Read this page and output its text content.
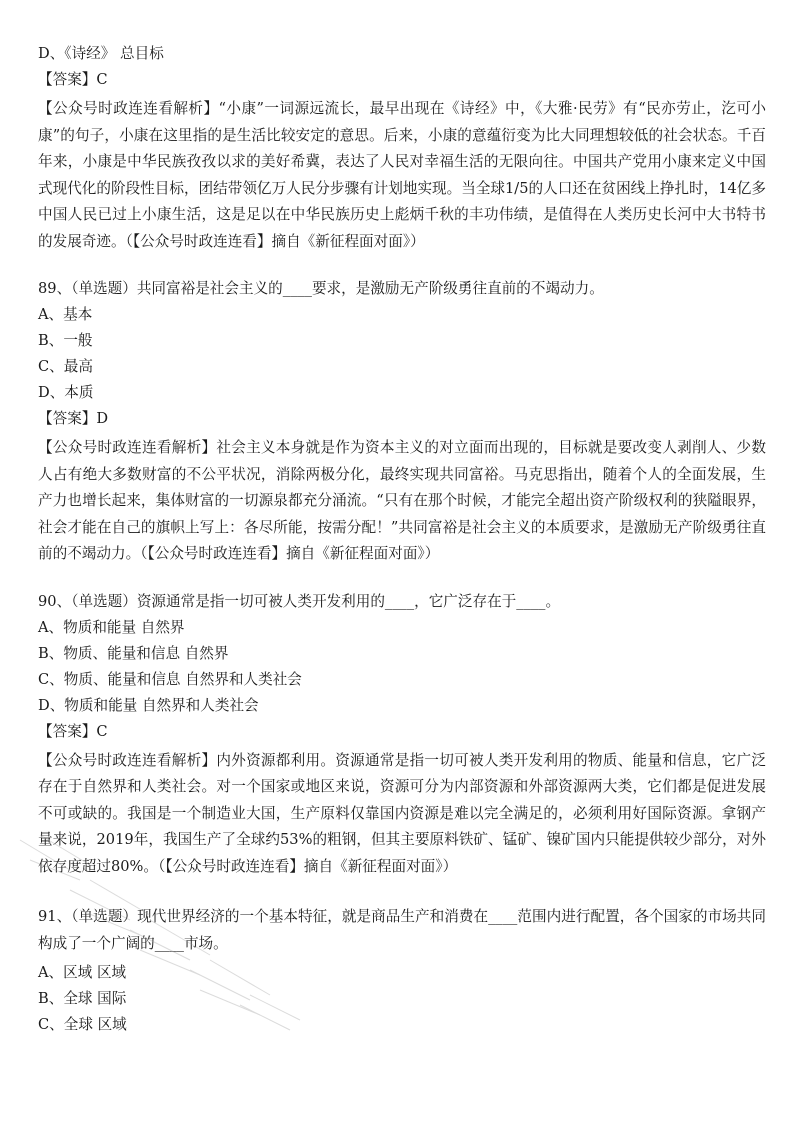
D、《诗经》 总目标
【答案】C
【公众号时政连连看解析】“小康”一词源远流长，最早出现在《诗经》中，《大雅·民劳》有“民亦劳止，汔可小康”的句子，小康在这里指的是生活比较安定的意思。后来，小康的意蕴衍变为比大同理想较低的社会状态。千百年来，小康是中华民族孜孜以求的美好希冀，表达了人民对幸福生活的无限向往。中国共产党用小康来定义中国式现代化的阶段性目标，团结带领亿万人民分步骤有计划地实现。当全球1/5的人口还在贫困线上挣扎时，14亿多中国人民已过上小康生活，这是足以在中华民族历史上彪炳千秋的丰功伟绩，是值得在人类历史长河中大书特书的发展奇迹。（【公众号时政连连看】摘自《新征程面对面》）
89、（单选题）共同富裕是社会主义的____要求，是激励无产阶级勇往直前的不竭动力。
A、基本
B、一般
C、最高
D、本质
【答案】D
【公众号时政连连看解析】社会主义本身就是作为资本主义的对立面而出现的，目标就是要改变人剥削人、少数人占有绝大多数财富的不公平状况，消除两极分化，最终实现共同富裕。马克思指出，随着个人的全面发展，生产力也增长起来，集体财富的一切源泉都充分涌流。“只有在那个时候，才能完全超出资产阶级权利的狭隘眼界，社会才能在自己的旗帜上写上：各尽所能，按需分配！”共同富裕是社会主义的本质要求，是激励无产阶级勇往直前的不竭动力。（【公众号时政连连看】摘自《新征程面对面》）
90、（单选题）资源通常是指一切可被人类开发利用的____，它广泛存在于____。
A、物质和能量 自然界
B、物质、能量和信息 自然界
C、物质、能量和信息 自然界和人类社会
D、物质和能量 自然界和人类社会
【答案】C
【公众号时政连连看解析】内外资源都利用。资源通常是指一切可被人类开发利用的物质、能量和信息，它广泛存在于自然界和人类社会。对一个国家或地区来说，资源可分为内部资源和外部资源两大类，它们都是促进发展不可或缺的。我国是一个制造业大国，生产原料仅靠国内资源是难以完全满足的，必须利用好国际资源。拿钢产量来说，2019年，我国生产了全球约53%的粗钢，但其主要原料铁矿、锰矿、镍矿国内只能提供较少部分，对外依存度超过80%。（【公众号时政连连看】摘自《新征程面对面》）
91、（单选题）现代世界经济的一个基本特征，就是商品生产和消费在____范围内进行配置，各个国家的市场共同构成了一个广阔的____市场。
A、区域 区域
B、全球 国际
C、全球 区域
